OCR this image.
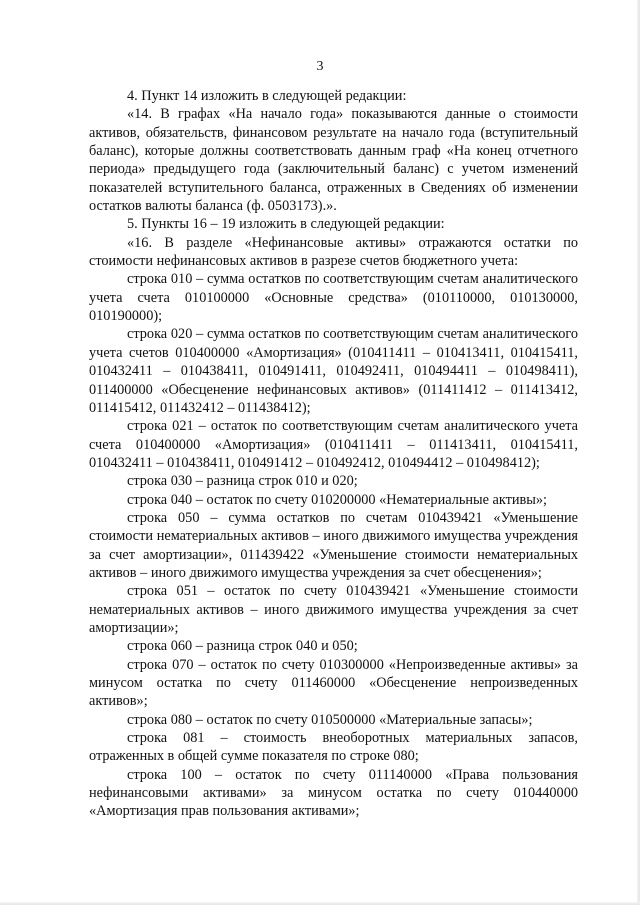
3

4. Пункт 14 изложить в следующей редакции:

«14. В графах «На начало года» показываются данные о стоимости активов, обязательств, финансовом результате на начало года (вступительный баланс), которые должны соответствовать данным граф «На конец отчетного периода» предыдущего года (заключительный баланс) с учетом изменений показателей вступительного баланса, отраженных в Сведениях об изменении остатков валюты баланса (ф. 0503173).».

5. Пункты 16 – 19 изложить в следующей редакции:

«16. В разделе «Нефинансовые активы» отражаются остатки по стоимости нефинансовых активов в разрезе счетов бюджетного учета:

строка 010 – сумма остатков по соответствующим счетам аналитического учета счета 010100000 «Основные средства» (010110000, 010130000, 010190000);

строка 020 – сумма остатков по соответствующим счетам аналитического учета счетов 010400000 «Амортизация» (010411411 – 010413411, 010415411, 010432411 – 010438411, 010491411, 010492411, 010494411 – 010498411), 011400000 «Обесценение нефинансовых активов» (011411412 – 011413412, 011415412, 011432412 – 011438412);

строка 021 – остаток по соответствующим счетам аналитического учета счета 010400000 «Амортизация» (010411411 – 011413411, 010415411, 010432411 – 010438411, 010491412 – 010492412, 010494412 – 010498412);

строка 030 – разница строк 010 и 020;

строка 040 – остаток по счету 010200000 «Нематериальные активы»;

строка 050 – сумма остатков по счетам 010439421 «Уменьшение стоимости нематериальных активов – иного движимого имущества учреждения за счет амортизации», 011439422 «Уменьшение стоимости нематериальных активов – иного движимого имущества учреждения за счет обесценения»;

строка 051 – остаток по счету 010439421 «Уменьшение стоимости нематериальных активов – иного движимого имущества учреждения за счет амортизации»;

строка 060 – разница строк 040 и 050;

строка 070 – остаток по счету 010300000 «Непроизведенные активы» за минусом остатка по счету 011460000 «Обесценение непроизведенных активов»;

строка 080 – остаток по счету 010500000 «Материальные запасы»;

строка 081 – стоимость внеоборотных материальных запасов, отраженных в общей сумме показателя по строке 080;

строка 100 – остаток по счету 011140000 «Права пользования нефинансовыми активами» за минусом остатка по счету 010440000 «Амортизация прав пользования активами»;
